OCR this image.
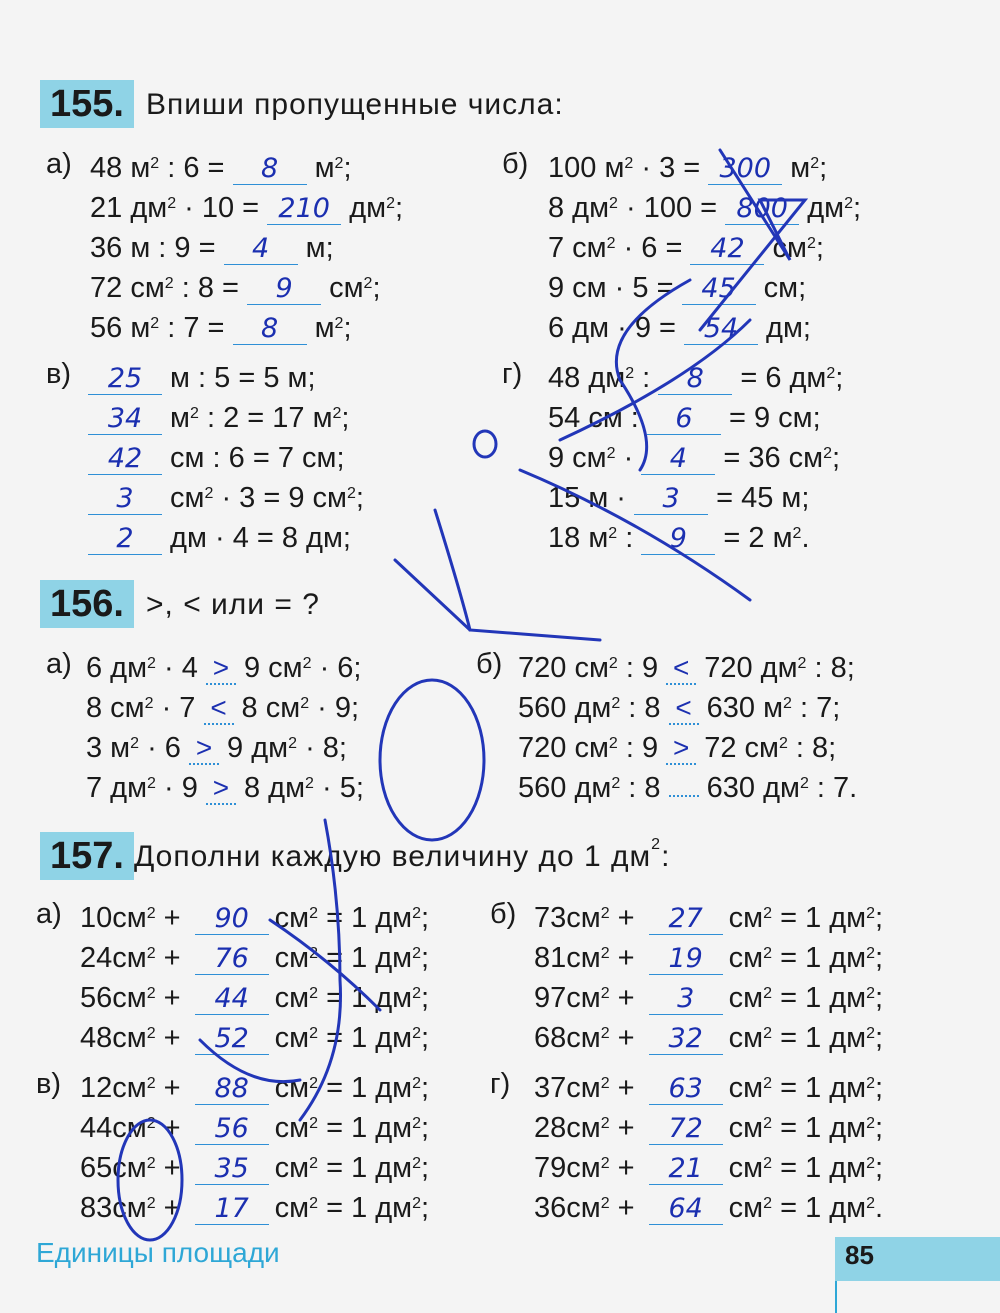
155. Впиши пропущенные числа:
а)	б)
в)	г)
48 $м^2$ : 6 = 8 $м^2$;
21 $дм^2 \cdot 10 = 210$ $дм^2$;
36 м : 9 = 4 м;
72 $см^2$ : 8 = 9 $см^2$;
56 $м^2$ : 7 = 8 $м^2$;
100 $м^2 \cdot 3 = 300$ $м^2$;
8 $дм^2 \cdot 100 = 800$ $дм^2$;
7 $см^2 \cdot 6 = 42$ $см^2$;
9 см · 5 = 45 см;
6 дм · 9 = 54 дм;
48 $дм^2$ : 8 = 6 $дм^2$;
54 см : 6 = 9 см;
9 $см^2 \cdot 4 = 36$ $см^2$;
15 м · 3 = 45 м;
18 $м^2$ : 9 = 2 $м^2$.
25 м : 5 = 5 м;
34 $м^2$ : 2 = 17 $м^2$;
42 см : 6 = 7 см;
3 $см^2 \cdot 3 = 9$ $см^2$;
2 дм · 4 = 8 дм;
156. >, < или = ?
а)	б)
6 $дм^2 \cdot 4 > 9$ $см^2 \cdot 6$;
8 $см^2 \cdot 7 < 8$ $см^2 \cdot 9$;
3 $м^2 \cdot 6 > 9$ $дм^2 \cdot 8$;
7 $дм^2 \cdot 9 > 8$ $дм^2 \cdot 5$;
720 $см^2$ : 9 < 720 $дм^2$ : 8;
560 $дм^2$ : 8 < 630 $м^2$ : 7;
720 $см^2$ : 9 > 72 $см^2$ : 8;
560 $дм^2$ : 8  630 $дм^2$ : 7.
157. Дополни каждую величину до 1 $дм^2$:
а)	б)
в)	г)
$10см^2 + 90$ $см^2 = 1$ $дм^2$;
$24см^2 + 76$ $см^2 = 1$ $дм^2$;
$56см^2 + 44$ $см^2 = 1$ $дм^2$;
$48см^2 + 52$ $см^2 = 1$ $дм^2$;
$73см^2 + 27$ $см^2 = 1$ $дм^2$;
$81см^2 + 19$ $см^2 = 1$ $дм^2$;
$97см^2 + 3$ $см^2 = 1$ $дм^2$;
$68см^2 + 32$ $см^2 = 1$ $дм^2$;
$12см^2 + 88$ $см^2 = 1$ $дм^2$;
$44см^2 + 56$ $см^2 = 1$ $дм^2$;
$65см^2 + 35$ $см^2 = 1$ $дм^2$;
$83см^2 + 17$ $см^2 = 1$ $дм^2$;
$37см^2 + 63$ $см^2 = 1$ $дм^2$;
$28см^2 + 72$ $см^2 = 1$ $дм^2$;
$79см^2 + 21$ $см^2 = 1$ $дм^2$;
$36см^2 + 64$ $см^2 = 1$ $дм^2$.
Единицы площади	85
